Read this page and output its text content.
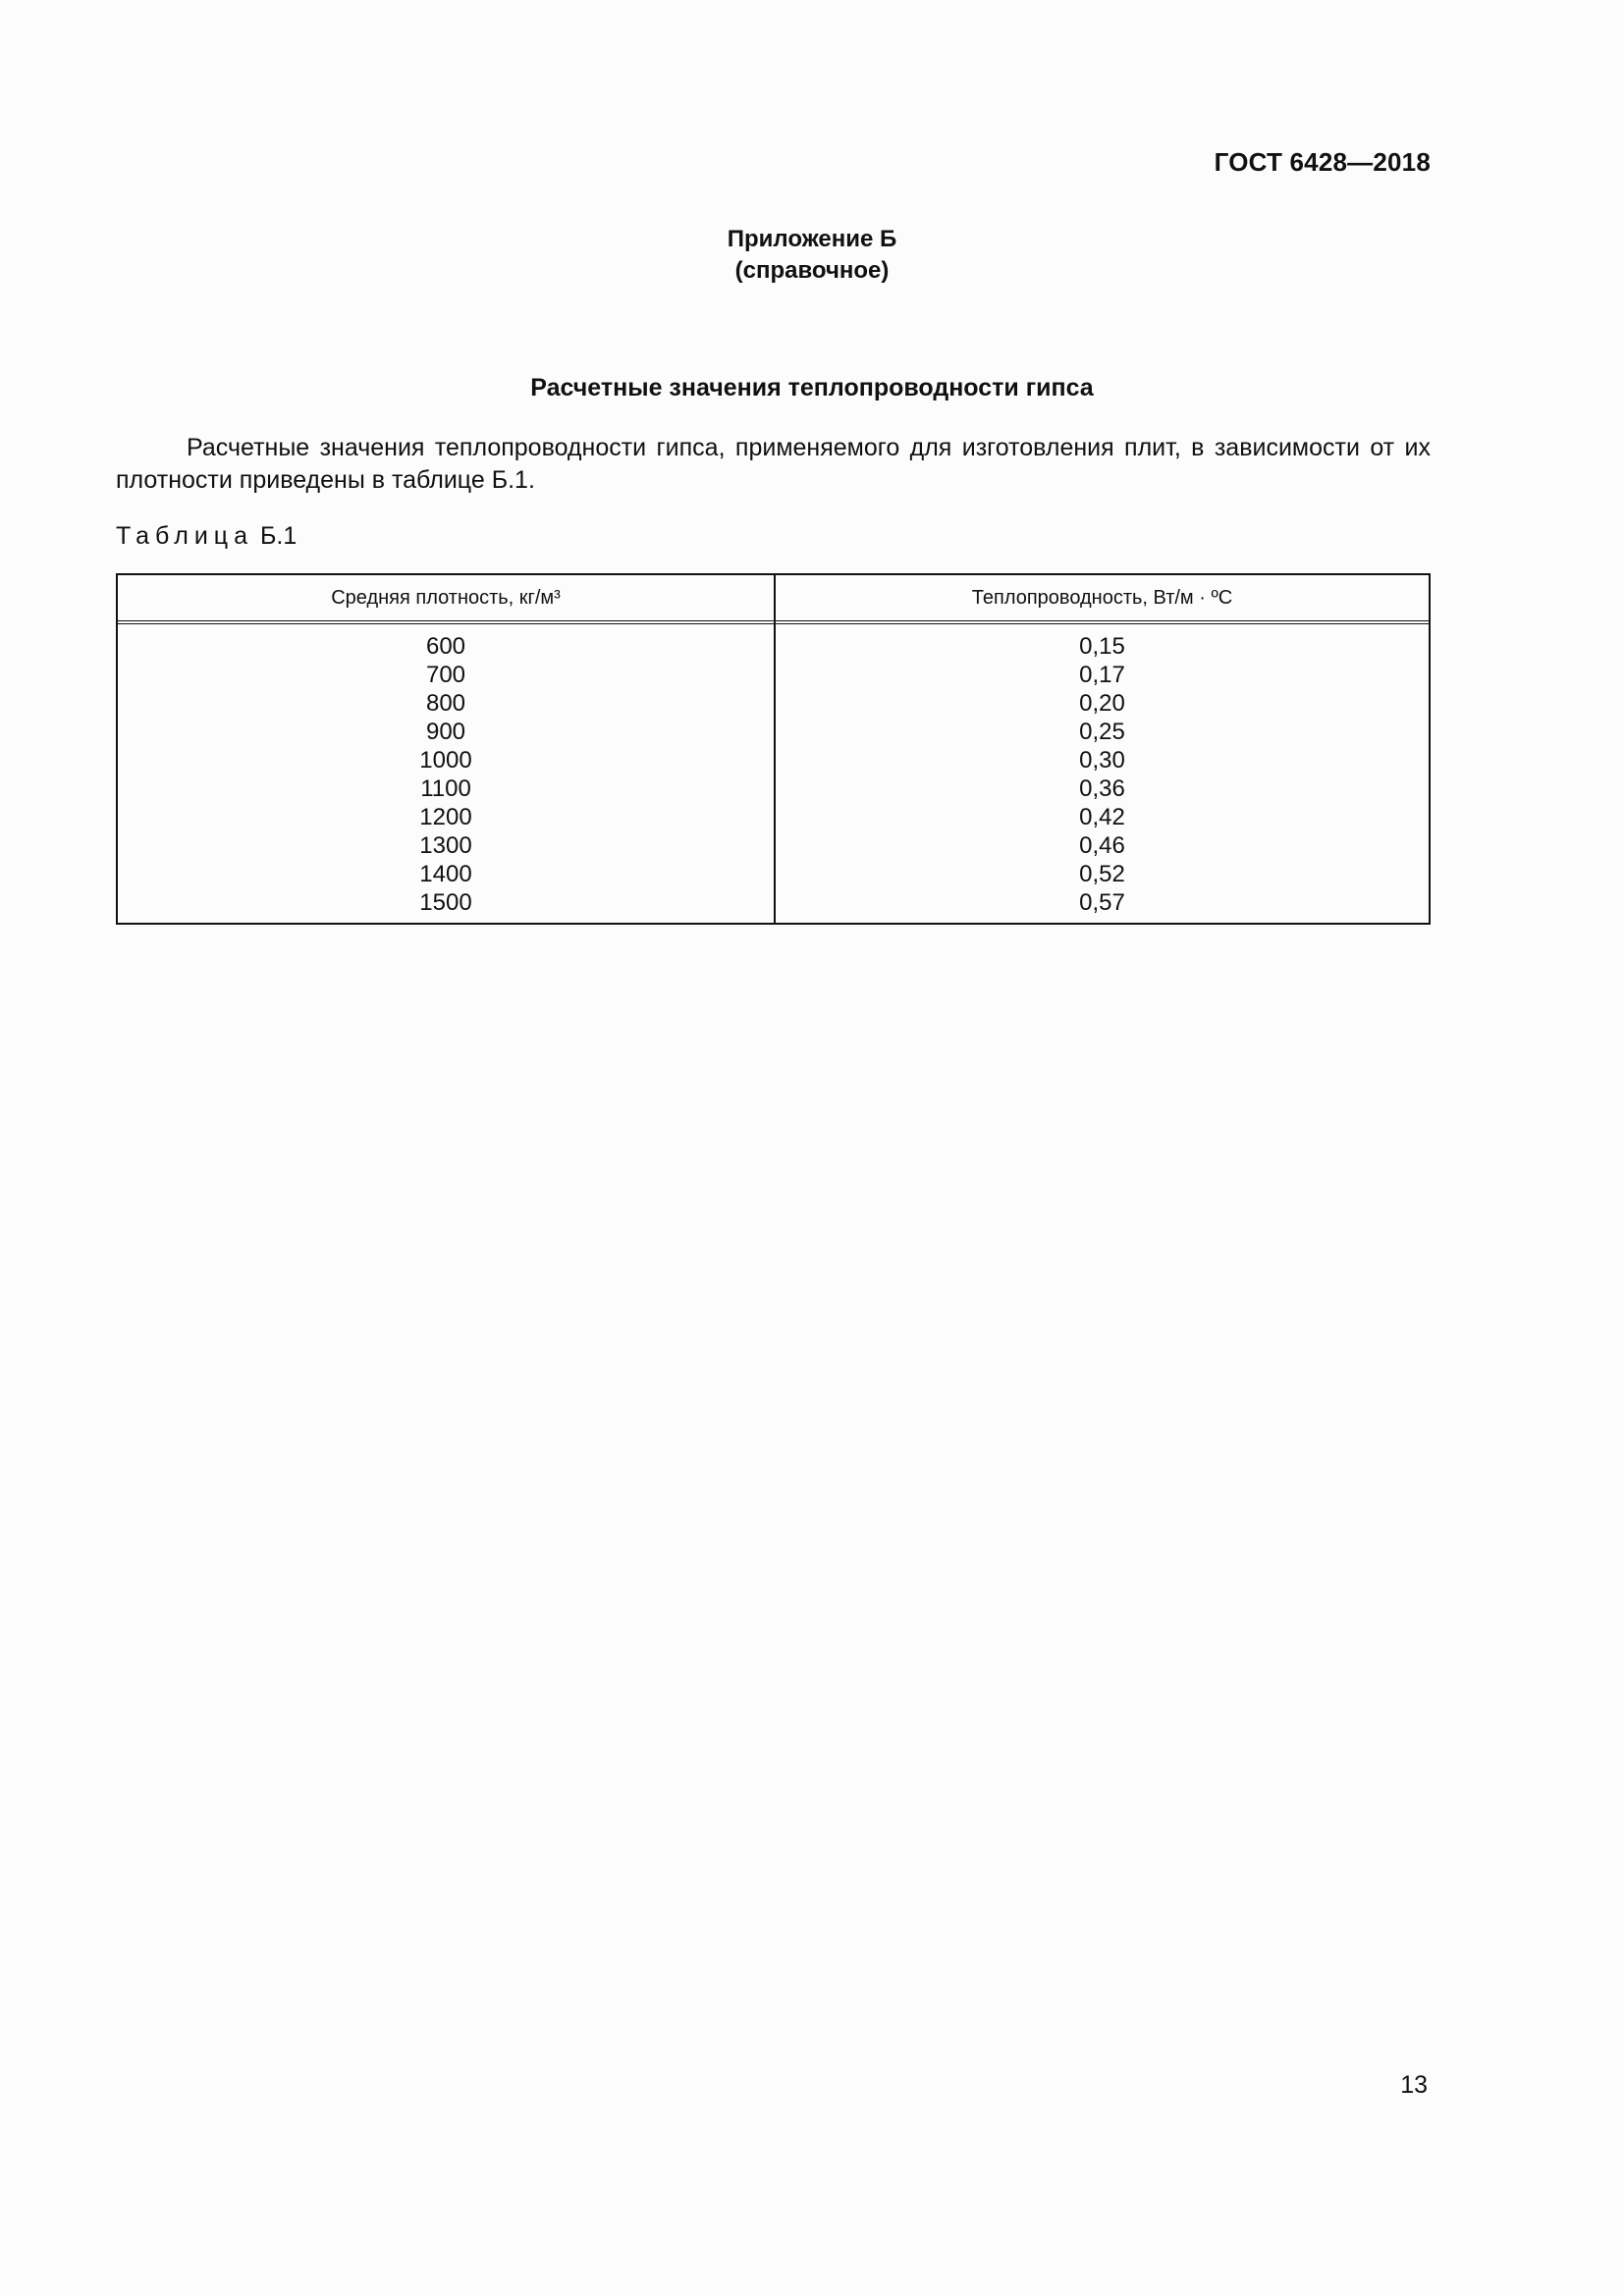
ГОСТ 6428—2018
Приложение Б
(справочное)
Расчетные значения теплопроводности гипса
Расчетные значения теплопроводности гипса, применяемого для изготовления плит, в зависимости от их плотности приведены в таблице Б.1.
Таблица Б.1
Средняя плотность, кг/м³	Теплопроводность, Вт/м · ºС
600
700
800
900
1000
1100
1200
1300
1400
1500
0,15
0,17
0,20
0,25
0,30
0,36
0,42
0,46
0,52
0,57
13
